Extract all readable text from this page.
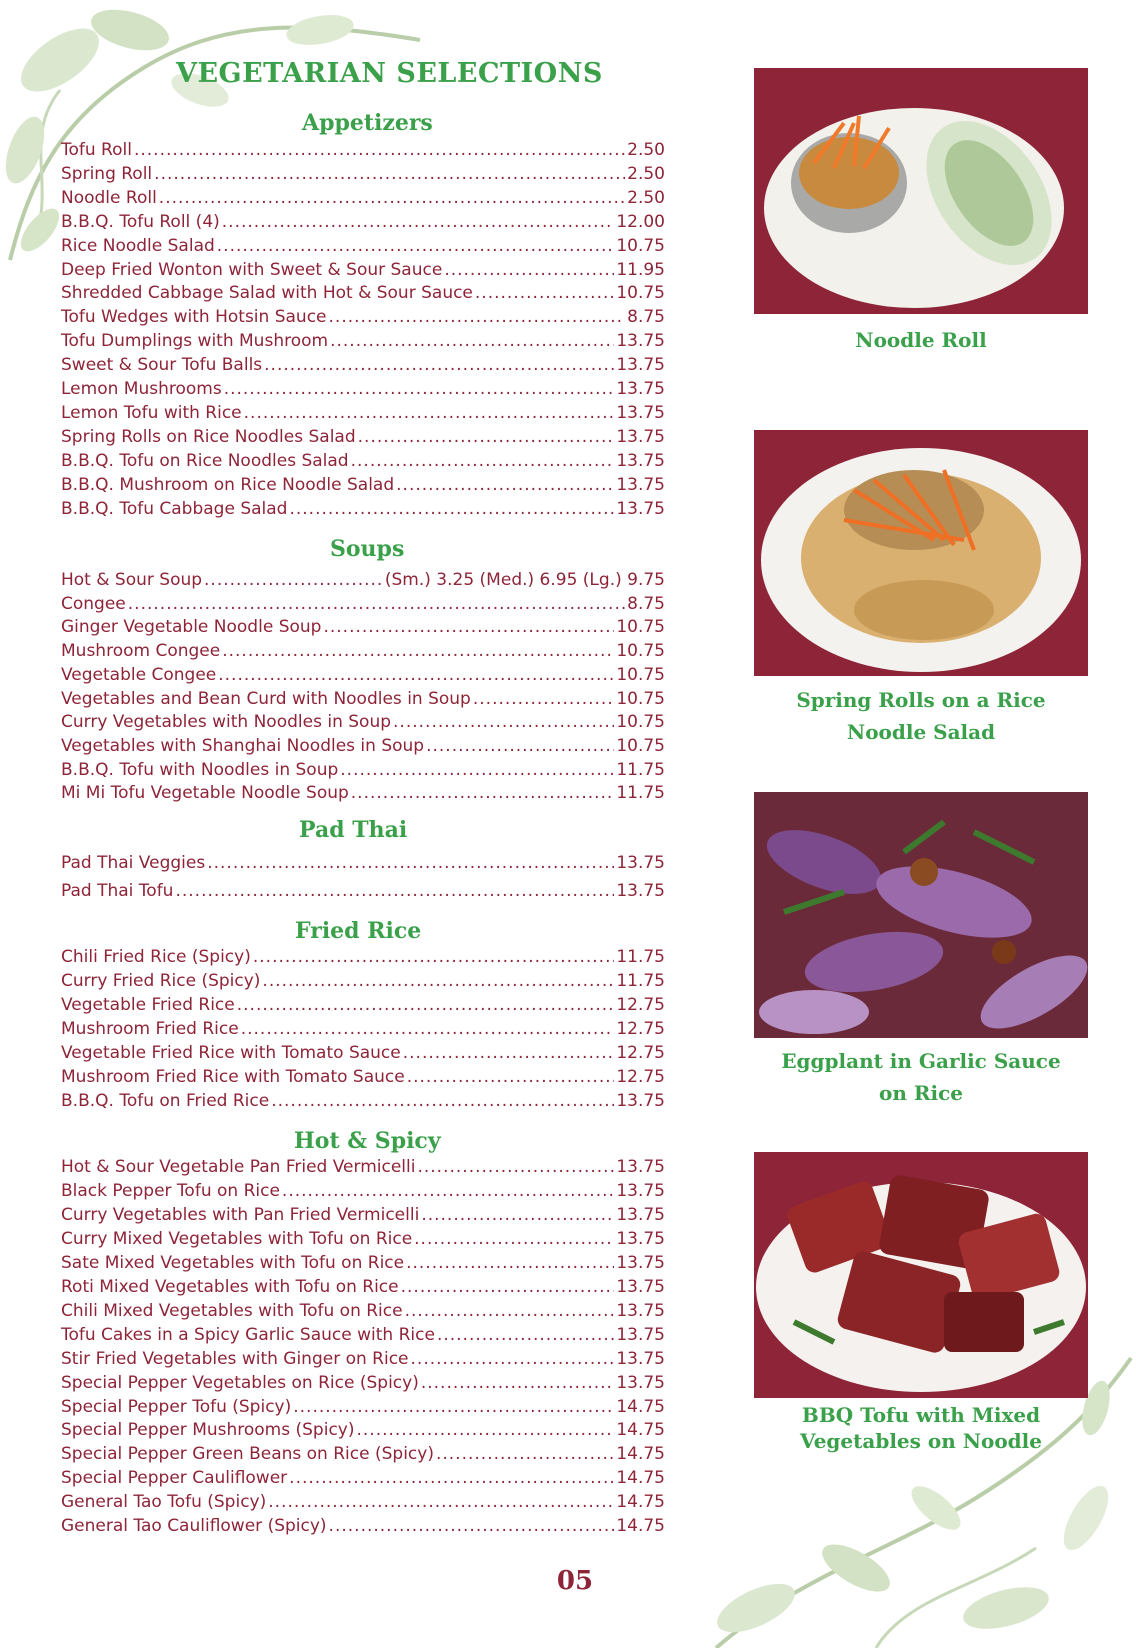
VEGETARIAN SELECTIONS
Appetizers
Tofu Roll .....	2.50
Spring Roll .....	2.50
Noodle Roll .....	2.50
B.B.Q. Tofu Roll (4) .....	12.00
Rice Noodle Salad .....	10.75
Deep Fried Wonton with Sweet & Sour Sauce .....	11.95
Shredded Cabbage Salad with Hot & Sour Sauce .....	10.75
Tofu Wedges with Hotsin Sauce .....	8.75
Tofu Dumplings with Mushroom .....	13.75
Sweet & Sour Tofu Balls .....	13.75
Lemon Mushrooms .....	13.75
Lemon Tofu with Rice .....	13.75
Spring Rolls on Rice Noodles Salad .....	13.75
B.B.Q. Tofu on Rice Noodles Salad .....	13.75
B.B.Q. Mushroom on Rice Noodle Salad .....	13.75
B.B.Q. Tofu Cabbage Salad .....	13.75
Soups
Hot & Sour Soup .....	(Sm.) 3.25 (Med.) 6.95 (Lg.) 9.75
Congee .....	8.75
Ginger Vegetable Noodle Soup .....	10.75
Mushroom Congee .....	10.75
Vegetable Congee .....	10.75
Vegetables and Bean Curd with Noodles in Soup .....	10.75
Curry Vegetables with Noodles in Soup .....	10.75
Vegetables with Shanghai Noodles in Soup .....	10.75
B.B.Q. Tofu with Noodles in Soup .....	11.75
Mi Mi Tofu Vegetable Noodle Soup .....	11.75
Pad Thai
Pad Thai Veggies .....	13.75
Pad Thai Tofu .....	13.75
Fried Rice
Chili Fried Rice (Spicy) .....	11.75
Curry Fried Rice (Spicy) .....	11.75
Vegetable Fried Rice .....	12.75
Mushroom Fried Rice .....	12.75
Vegetable Fried Rice with Tomato Sauce .....	12.75
Mushroom Fried Rice with Tomato Sauce .....	12.75
B.B.Q. Tofu on Fried Rice .....	13.75
Hot & Spicy
Hot & Sour Vegetable Pan Fried Vermicelli .....	13.75
Black Pepper Tofu on Rice .....	13.75
Curry Vegetables with Pan Fried Vermicelli .....	13.75
Curry Mixed Vegetables with Tofu on Rice .....	13.75
Sate Mixed Vegetables with Tofu on Rice .....	13.75
Roti Mixed Vegetables with Tofu on Rice .....	13.75
Chili Mixed Vegetables with Tofu on Rice .....	13.75
Tofu Cakes in a Spicy Garlic Sauce with Rice .....	13.75
Stir Fried Vegetables with Ginger on Rice .....	13.75
Special Pepper Vegetables on Rice (Spicy) .....	13.75
Special Pepper Tofu (Spicy) .....	14.75
Special Pepper Mushrooms (Spicy) .....	14.75
Special Pepper Green Beans on Rice (Spicy) .....	14.75
Special Pepper Cauliflower .....	14.75
General Tao Tofu (Spicy) .....	14.75
General Tao Cauliflower (Spicy) .....	14.75
Noodle Roll
Spring Rolls on a Rice
Noodle Salad
Eggplant in Garlic Sauce
on Rice
BBQ Tofu with Mixed
Vegetables on Noodle
05
